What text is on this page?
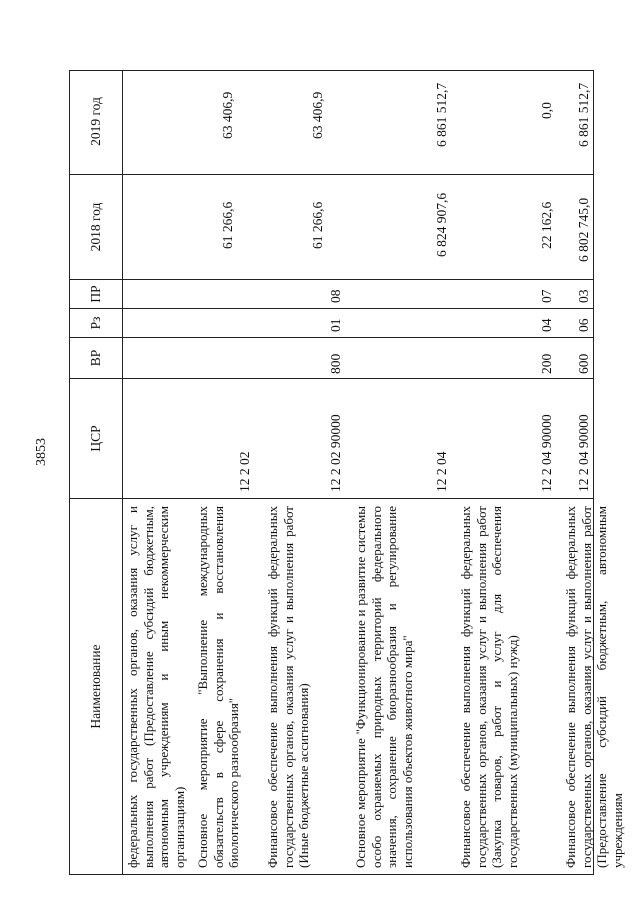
3853
Наименование
ЦСР
ВР
Рз
ПР
2018 год
2019 год
федеральных государственных органов, оказания услуг и выполнения работ (Предоставление субсидий бюджетным, автономным учреждениям и иным некоммерческим организациям) Основное мероприятие "Выполнение международных обязательств в сфере сохранения и восстановления биологического разнообразия"
12 2 02
61 266,6
63 406,9
Финансовое обеспечение выполнения функций федеральных государственных органов, оказания услуг и выполнения работ (Иные бюджетные ассигнования)
12 2 02 90000
800
01
08
61 266,6
63 406,9
Основное мероприятие "Функционирование и развитие системы особо охраняемых природных территорий федерального значения, сохранение биоразнообразия и регулирование использования объектов животного мира"
12 2 04
6 824 907,6
6 861 512,7
Финансовое обеспечение выполнения функций федеральных государственных органов, оказания услуг и выполнения работ (Закупка товаров, работ и услуг для обеспечения государственных (муниципальных) нужд)
12 2 04 90000
200
04
07
22 162,6
0,0
Финансовое обеспечение выполнения функций федеральных государственных органов, оказания услуг и выполнения работ (Предоставление субсидий бюджетным, автономным учреждениям
12 2 04 90000
600
06
03
6 802 745,0
6 861 512,7
